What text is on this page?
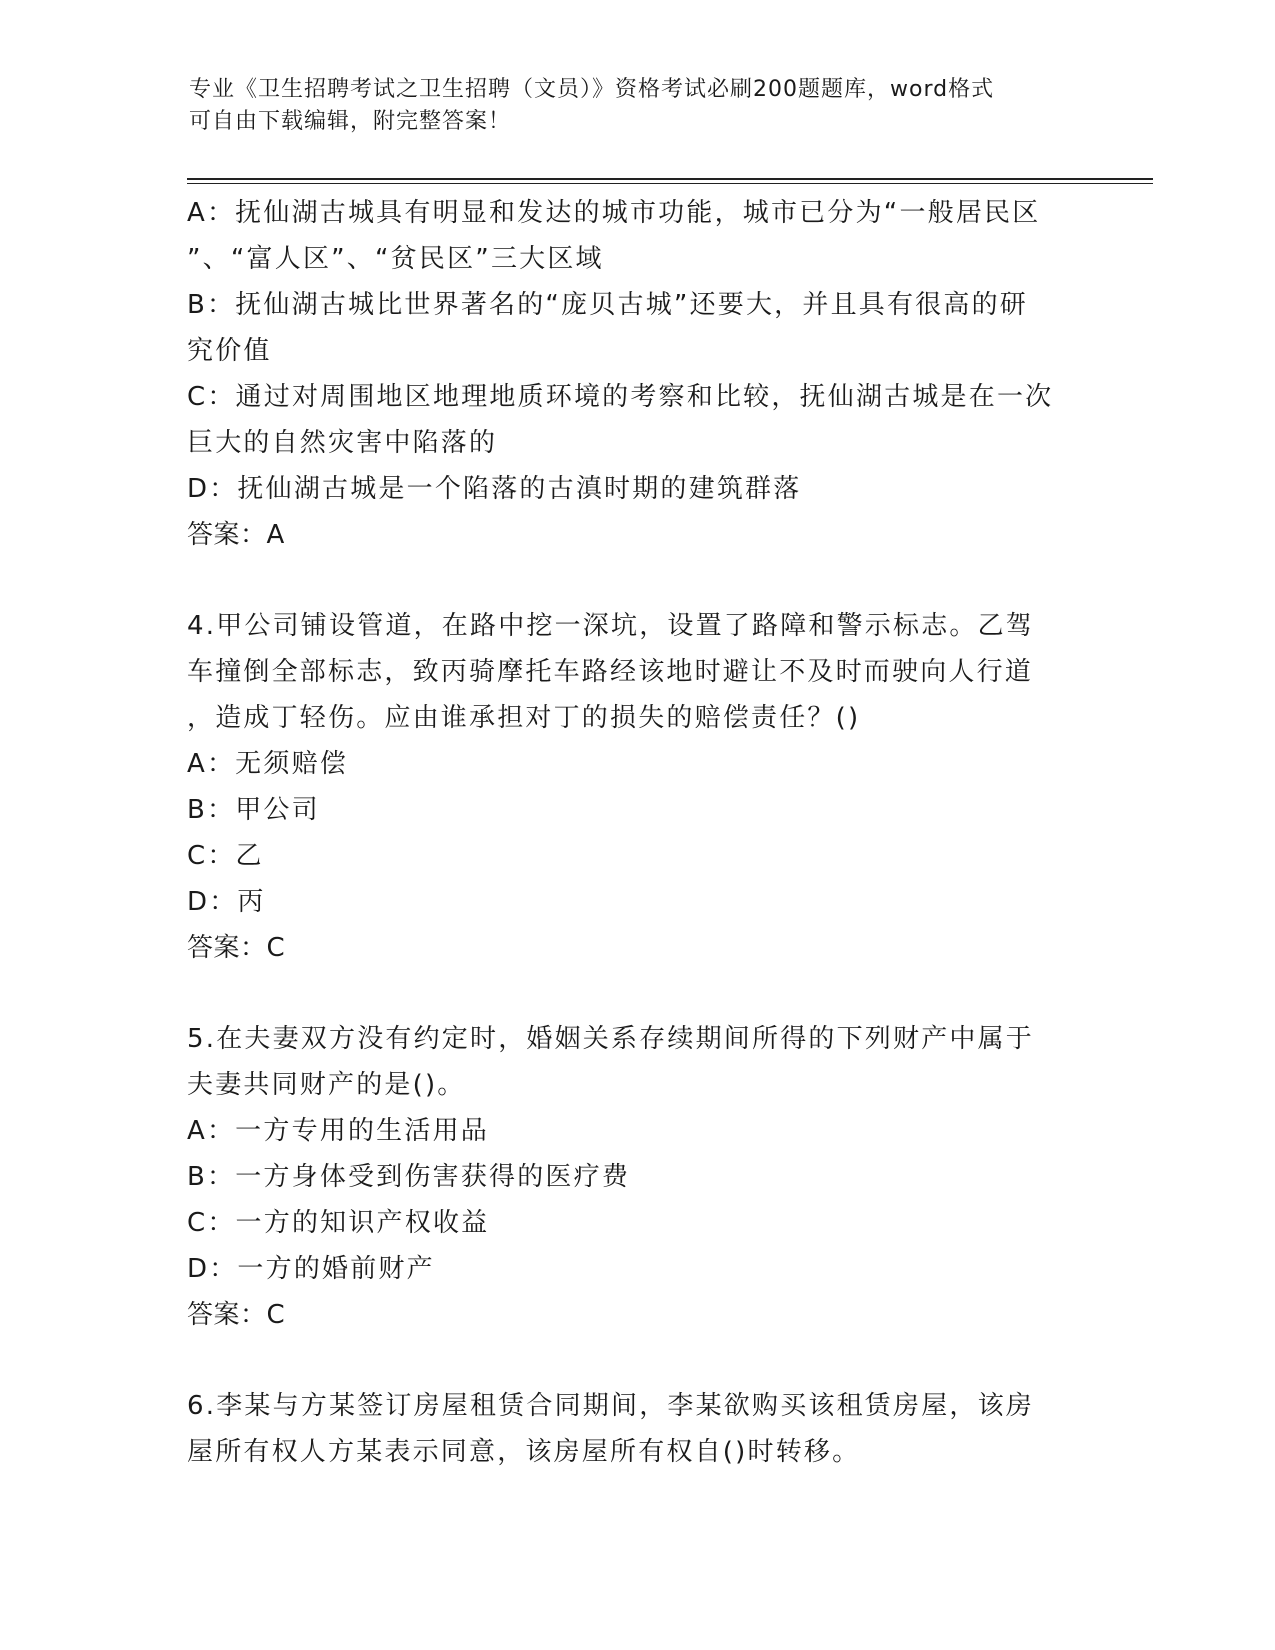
专业《卫生招聘考试之卫生招聘（文员）》资格考试必刷200题题库，word格式
可自由下载编辑，附完整答案！
A：抚仙湖古城具有明显和发达的城市功能，城市已分为“一般居民区
”、“富人区”、“贫民区”三大区域
B：抚仙湖古城比世界著名的“庞贝古城”还要大，并且具有很高的研
究价值
C：通过对周围地区地理地质环境的考察和比较，抚仙湖古城是在一次
巨大的自然灾害中陷落的
D：抚仙湖古城是一个陷落的古滇时期的建筑群落
答案：A
4.甲公司铺设管道，在路中挖一深坑，设置了路障和警示标志。乙驾
车撞倒全部标志，致丙骑摩托车路经该地时避让不及时而驶向人行道
，造成丁轻伤。应由谁承担对丁的损失的赔偿责任？()
A：无须赔偿
B：甲公司
C：乙
D：丙
答案：C
5.在夫妻双方没有约定时，婚姻关系存续期间所得的下列财产中属于
夫妻共同财产的是()。
A：一方专用的生活用品
B：一方身体受到伤害获得的医疗费
C：一方的知识产权收益
D：一方的婚前财产
答案：C
6.李某与方某签订房屋租赁合同期间，李某欲购买该租赁房屋，该房
屋所有权人方某表示同意，该房屋所有权自()时转移。
